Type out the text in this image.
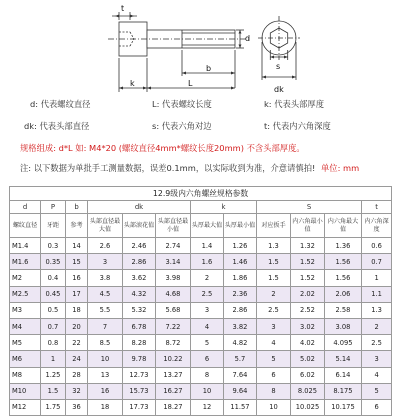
t
d
b
k	L
s
dk
d: 代表螺纹直径	L: 代表螺纹长度	k: 代表头部厚度
dk: 代表头部直径	s: 代表六角对边	t: 代表内六角深度
规格组成: d*L 如: M4*20 (螺纹直径4mm*螺纹长度20mm) 不含头部厚度。
注: 以下数据为单批手工测量数据，误差0.1mm，以实际收到为准，介意请慎拍! 单位: mm
12.9级内六角螺丝规格参数											
d	P	b	dk			k		S			t

螺纹直径	牙距	参考	头部直径最大值	头部滚花值	头部直径最小值	头厚最大值	头厚最小值	对应扳手	内六角最小值	内六角最大值	内六角深度

M1.4	0.3	14	2.6	2.46	2.74	1.4	1.26	1.3	1.32	1.36	0.6
M1.6	0.35	15	3	2.86	3.14	1.6	1.46	1.5	1.52	1.56	0.7
M2	0.4	16	3.8	3.62	3.98	2	1.86	1.5	1.52	1.56	1
M2.5	0.45	17	4.5	4.32	4.68	2.5	2.36	2	2.02	2.06	1.1
M3	0.5	18	5.5	5.32	5.68	3	2.86	2.5	2.52	2.58	1.3
M4	0.7	20	7	6.78	7.22	4	3.82	3	3.02	3.08	2
M5	0.8	22	8.5	8.28	8.72	5	4.82	4	4.02	4.095	2.5
M6	1	24	10	9.78	10.22	6	5.7	5	5.02	5.14	3
M8	1.25	28	13	12.73	13.27	8	7.64	6	6.02	6.14	4
M10	1.5	32	16	15.73	16.27	10	9.64	8	8.025	8.175	5
M12	1.75	36	18	17.73	18.27	12	11.57	10	10.025	10.175	6
